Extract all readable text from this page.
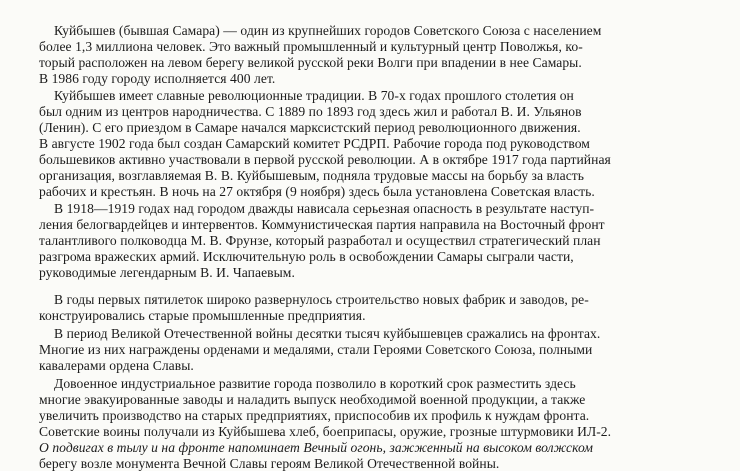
Куйбышев (бывшая Самара) — один из крупнейших городов Советского Союза с населением
более 1,3 миллиона человек. Это важный промышленный и культурный центр Поволжья, ко-
торый расположен на левом берегу великой русской реки Волги при впадении в нее Самары.
В 1986 году городу исполняется 400 лет.
Куйбышев имеет славные революционные традиции. В 70-х годах прошлого столетия он
был одним из центров народничества. С 1889 по 1893 год здесь жил и работал В. И. Ульянов
(Ленин). С его приездом в Самаре начался марксистский период революционного движения.
В августе 1902 года был создан Самарский комитет РСДРП. Рабочие города под руководством
большевиков активно участвовали в первой русской революции. А в октябре 1917 года партийная
организация, возглавляемая В. В. Куйбышевым, подняла трудовые массы на борьбу за власть
рабочих и крестьян. В ночь на 27 октября (9 ноября) здесь была установлена Советская власть.
В 1918—1919 годах над городом дважды нависала серьезная опасность в результате наступ-
ления белогвардейцев и интервентов. Коммунистическая партия направила на Восточный фронт
талантливого полководца М. В. Фрунзе, который разработал и осуществил стратегический план
разгрома вражеских армий. Исключительную роль в освобождении Самары сыграли части,
руководимые легендарным В. И. Чапаевым.
В годы первых пятилеток широко развернулось строительство новых фабрик и заводов, ре-
конструировались старые промышленные предприятия.
В период Великой Отечественной войны десятки тысяч куйбышевцев сражались на фронтах.
Многие из них награждены орденами и медалями, стали Героями Советского Союза, полными
кавалерами ордена Славы.
Довоенное индустриальное развитие города позволило в короткий срок разместить здесь
многие эвакуированные заводы и наладить выпуск необходимой военной продукции, а также
увеличить производство на старых предприятиях, приспособив их профиль к нуждам фронта.
Советские воины получали из Куйбышева хлеб, боеприпасы, оружие, грозные штурмовики ИЛ-2.
О подвигах в тылу и на фронте напоминает Вечный огонь, зажженный на высоком волжском
берегу возле монумента Вечной Славы героям Великой Отечественной войны.
